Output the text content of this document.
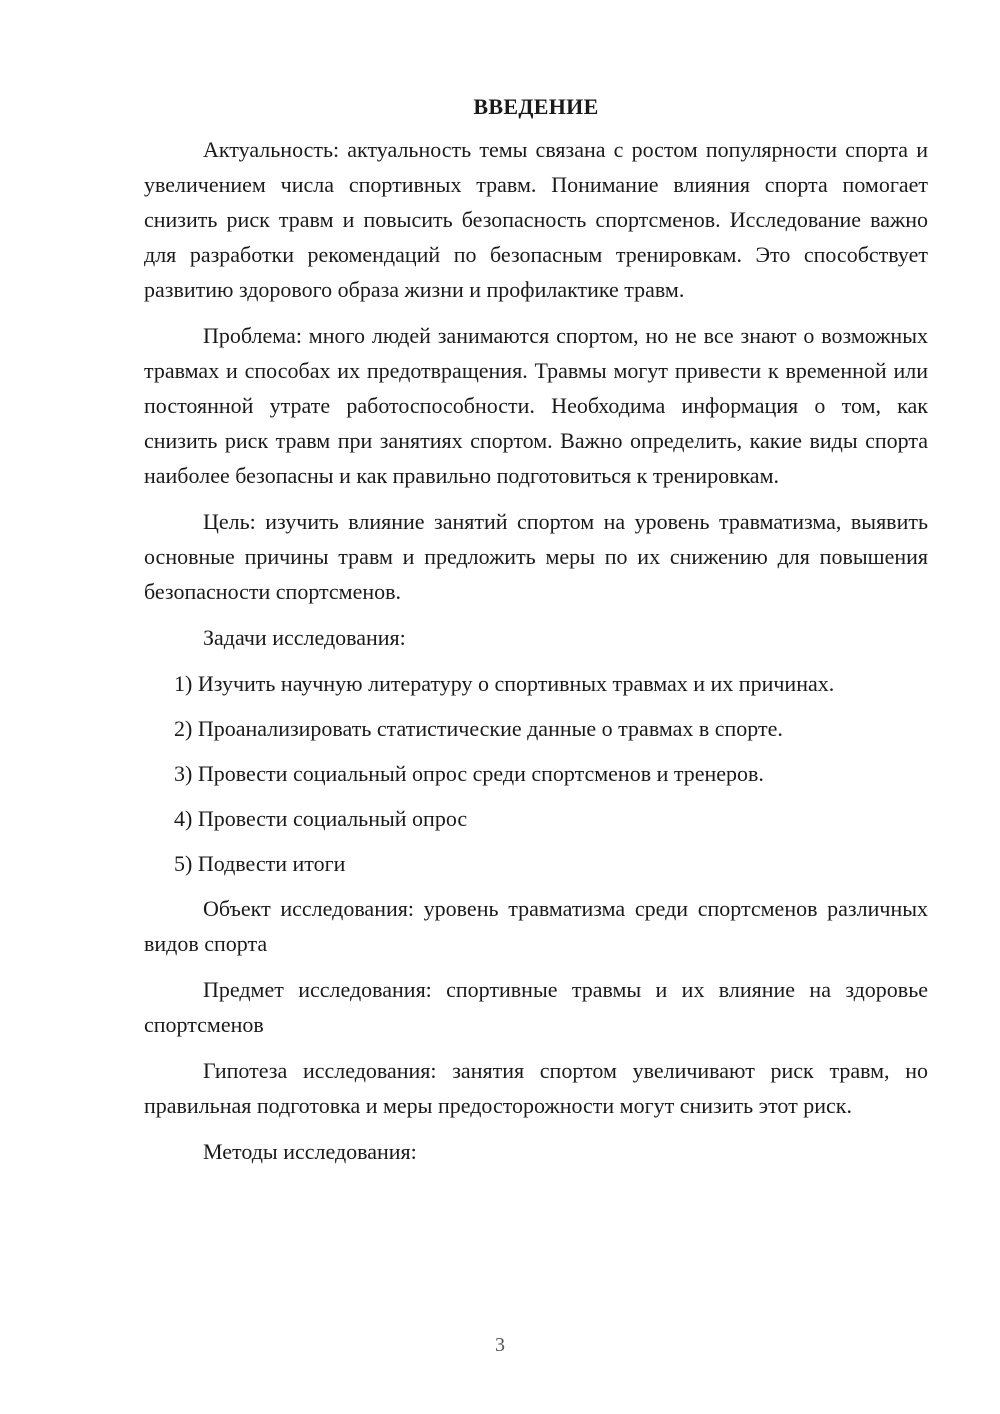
ВВЕДЕНИЕ

Актуальность: актуальность темы связана с ростом популярности спорта и увеличением числа спортивных травм. Понимание влияния спорта помогает снизить риск травм и повысить безопасность спортсменов. Исследование важно для разработки рекомендаций по безопасным тренировкам. Это способствует развитию здорового образа жизни и профилактике травм.

Проблема: много людей занимаются спортом, но не все знают о возможных травмах и способах их предотвращения. Травмы могут привести к временной или постоянной утрате работоспособности. Необходима информация о том, как снизить риск травм при занятиях спортом. Важно определить, какие виды спорта наиболее безопасны и как правильно подготовиться к тренировкам.

Цель: изучить влияние занятий спортом на уровень травматизма, выявить основные причины травм и предложить меры по их снижению для повышения безопасности спортсменов.

Задачи исследования:

1) Изучить научную литературу о спортивных травмах и их причинах.
2) Проанализировать статистические данные о травмах в спорте.
3) Провести социальный опрос среди спортсменов и тренеров.
4) Провести социальный опрос
5) Подвести итоги

Объект исследования: уровень травматизма среди спортсменов различных видов спорта

Предмет исследования: спортивные травмы и их влияние на здоровье спортсменов

Гипотеза исследования: занятия спортом увеличивают риск травм, но правильная подготовка и меры предосторожности могут снизить этот риск.

Методы исследования:

3
